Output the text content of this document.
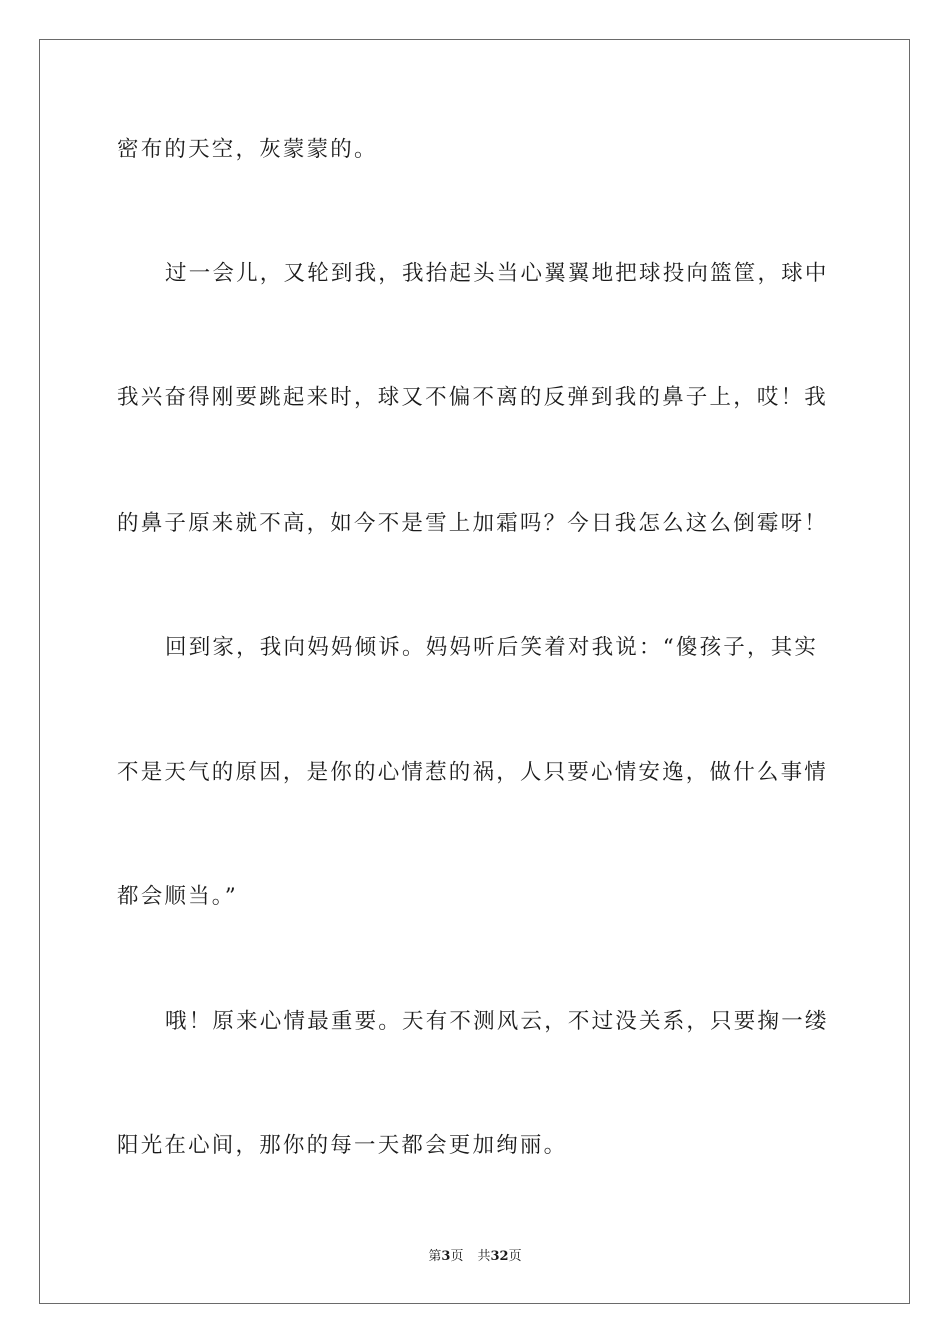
密布的天空，灰蒙蒙的。
过一会儿，又轮到我，我抬起头当心翼翼地把球投向篮筐，球中
我兴奋得刚要跳起来时，球又不偏不离的反弹到我的鼻子上，哎！我
的鼻子原来就不高，如今不是雪上加霜吗？今日我怎么这么倒霉呀！
回到家，我向妈妈倾诉。妈妈听后笑着对我说：“傻孩子，其实
不是天气的原因，是你的心情惹的祸，人只要心情安逸，做什么事情
都会顺当。”
哦！原来心情最重要。天有不测风云，不过没关系，只要掬一缕
阳光在心间，那你的每一天都会更加绚丽。
第3页 共32页
